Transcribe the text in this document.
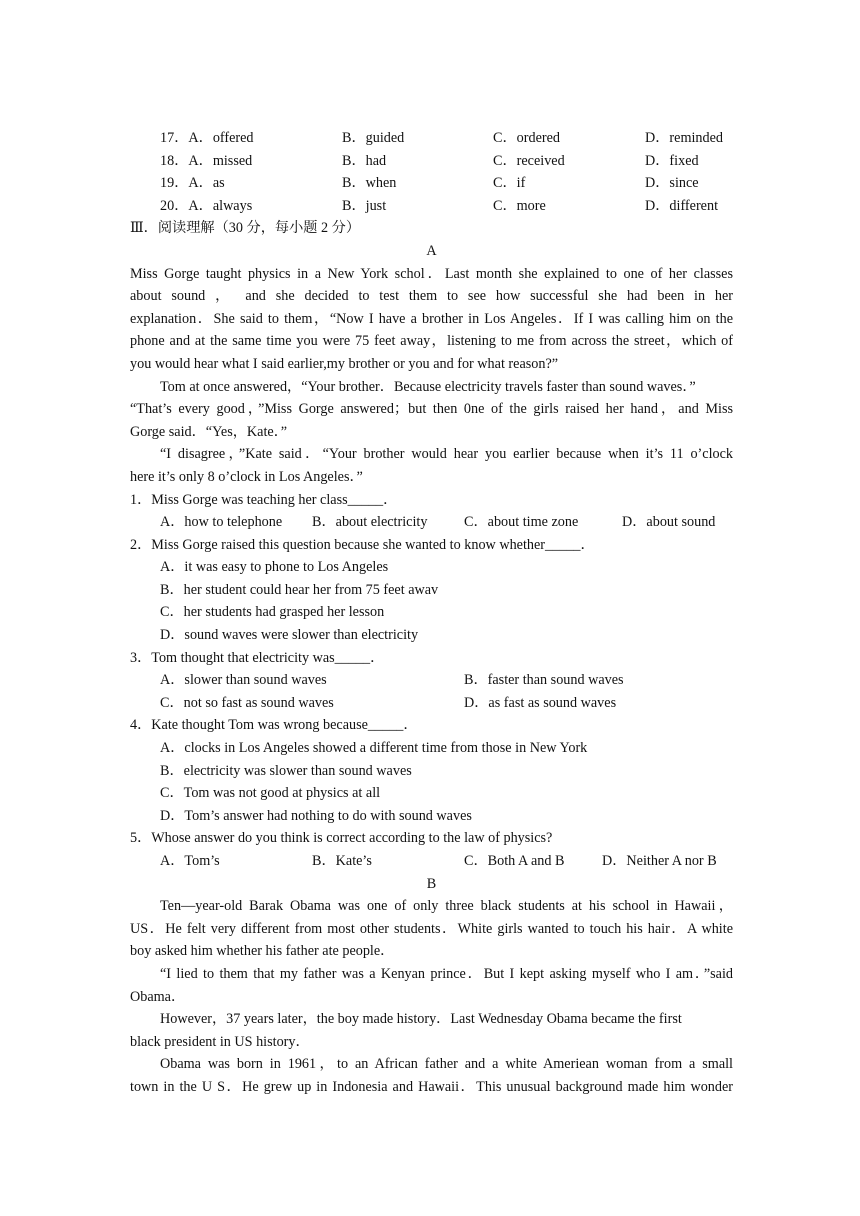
17．A．offered	B．guided	C．ordered	D．reminded
18．A．missed	B．had	C．received	D．fixed
19．A．as	B．when	C．if	D．since
20．A．always	B．just	C．more	D．different
Ⅲ．阅读理解（30 分，每小题 2 分）
A
Miss Gorge taught physics in a New York schol．Last month she explained to one of her classes
about sound ， and she decided to test them to see how successful she had been in her
explanation．She said to them，“Now I have a brother in Los Angeles．If I was calling him on the
phone and at the same time you were 75 feet away，listening to me from across the street，which of
you would hear what I said earlier,my brother or you and for what reason?”
Tom at once answered，“Your brother．Because electricity travels faster than sound waves．”
“That’s every good，”Miss Gorge answered；but then 0ne of the girls raised her hand，and Miss
Gorge said．“Yes，Kate．”
“I disagree，”Kate said．“Your brother would hear you earlier because when it’s 11 o’clock
here it’s only 8 o’clock in Los Angeles．”
1．Miss Gorge was teaching her class_____．
A．how to telephone	B．about electricity	C．about time zone	D．about sound
2．Miss Gorge raised this question because she wanted to know whether_____．
A．it was easy to phone to Los Angeles
B．her student could hear her from 75 feet awav
C．her students had grasped her lesson
D．sound waves were slower than electricity
3．Tom thought that electricity was_____．
A．slower than sound waves	B．faster than sound waves
C．not so fast as sound waves	D．as fast as sound waves
4．Kate thought Tom was wrong because_____．
A．clocks in Los Angeles showed a different time from those in New York
B．electricity was slower than sound waves
C．Tom was not good at physics at all
D．Tom’s answer had nothing to do with sound waves
5．Whose answer do you think is correct according to the law of physics?
A．Tom’s	B．Kate’s	C．Both A and B	D．Neither A nor B
B
Ten—year-old Barak Obama was one of only three black students at his school in Hawaii，
US．He felt very different from most other students．White girls wanted to touch his hair．A white
boy asked him whether his father ate people．
“I lied to them that my father was a Kenyan prince．But I kept asking myself who I am．”said
Obama．
However，37 years later，the boy made history．Last Wednesday Obama became the first
black president in US history．
Obama was born in 1961，to an African father and a white Ameriean woman from a small
town in the U S．He grew up in Indonesia and Hawaii．This unusual background made him wonder
